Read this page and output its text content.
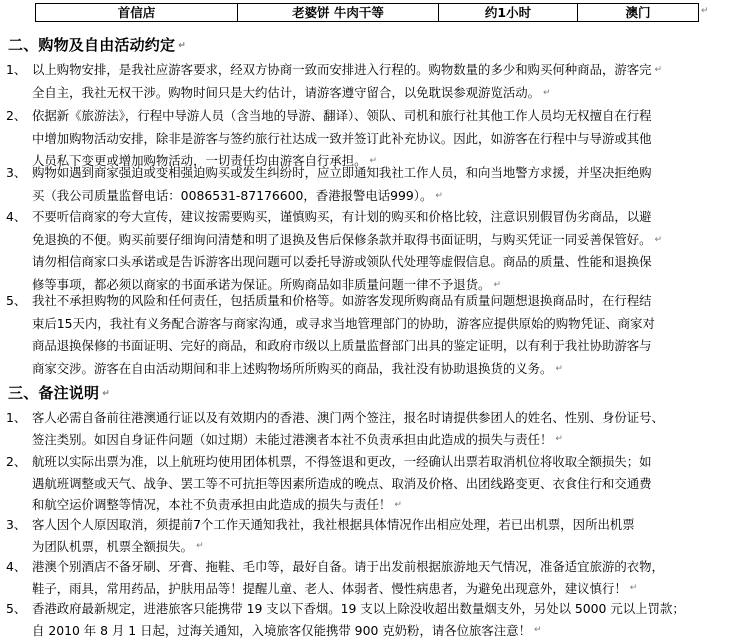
首信店	老婆饼 牛肉干等	约1小时	澳门	↵
二、购物及自由活动约定 ↵
1、 以上购物安排，是我社应游客要求，经双方协商一致而安排进入行程的。购物数量的多少和购买何种商品，游客完 ↵
全自主，我社无权干涉。购物时间只是大约估计，请游客遵守留合，以免耽误参观游览活动。 ↵
2、 依据新《旅游法》，行程中导游人员（含当地的导游、翻译）、领队、司机和旅行社其他工作人员均无权擅自在行程
中增加购物活动安排，除非是游客与签约旅行社达成一致并签订此补充协议。因此，如游客在行程中与导游或其他
人员私下变更或增加购物活动，一切责任均由游客自行承担。 ↵
3、 购物如遇到商家强迫或变相强迫购买或发生纠纷时，应立即通知我社工作人员，和向当地警方求援，并坚决拒绝购
买（我公司质量监督电话：0086531-87176600，香港报警电话999）。 ↵
4、 不要听信商家的夸大宣传，建议按需要购买，谨慎购买，有计划的购买和价格比较，注意识别假冒伪劣商品，以避
免退换的不便。购买前要仔细询问清楚和明了退换及售后保修条款并取得书面证明，与购买凭证一同妥善保管好。 ↵
请勿相信商家口头承诺或是告诉游客出现问题可以委托导游或领队代处理等虚假信息。商品的质量、性能和退换保
修等事项，都必须以商家的书面承诺为保证。所购商品如非质量问题一律不予退货。 ↵
5、 我社不承担购物的风险和任何责任，包括质量和价格等。如游客发现所购商品有质量问题想退换商品时，在行程结
束后15天内，我社有义务配合游客与商家沟通，或寻求当地管理部门的协助，游客应提供原始的购物凭证、商家对
商品退换保修的书面证明、完好的商品，和政府市级以上质量监督部门出具的鉴定证明，以有利于我社协助游客与
商家交涉。游客在自由活动期间和非上述购物场所所购买的商品，我社没有协助退换货的义务。 ↵
三、备注说明 ↵
1、 客人必需自备前往港澳通行证以及有效期内的香港、澳门两个签注，报名时请提供参团人的姓名、性别、身份证号、
签注类别。如因自身证件问题（如过期）未能过港澳者本社不负责承担由此造成的损失与责任！ ↵
2、 航班以实际出票为准，以上航班均使用团体机票，不得签退和更改，一经确认出票若取消机位将收取全额损失；如
遇航班调整或天气、战争、罢工等不可抗拒等因素所造成的晚点、取消及价格、出团线路变更、衣食住行和交通费
和航空运价调整等情况，本社不负责承担由此造成的损失与责任！ ↵
3、 客人因个人原因取消，须提前7个工作天通知我社，我社根据具体情况作出相应处理，若已出机票，因所出机票
为团队机票，机票全额损失。 ↵
4、 港澳个别酒店不备牙刷、牙膏、拖鞋、毛巾等，最好自备。请于出发前根据旅游地天气情况，准备适宜旅游的衣物，
鞋子，雨具，常用药品，护肤用品等！提醒儿童、老人、体弱者、慢性病患者，为避免出现意外，建议慎行！ ↵
5、 香港政府最新规定，进港旅客只能携带 19 支以下香烟。19 支以上除没收超出数量烟支外，另处以 5000 元以上罚款；
自 2010 年 8 月 1 日起，过海关通知，入境旅客仅能携带 900 克奶粉，请各位旅客注意！ ↵
